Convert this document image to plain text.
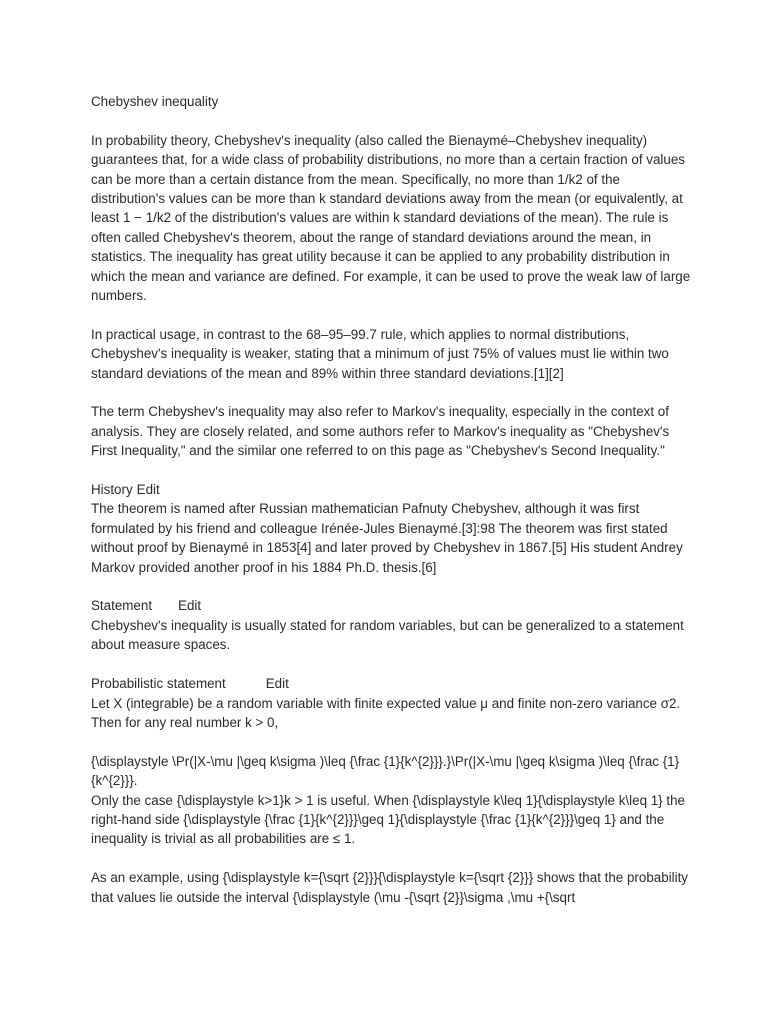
Chebyshev inequality

In probability theory, Chebyshev's inequality (also called the Bienaymé–Chebyshev inequality) guarantees that, for a wide class of probability distributions, no more than a certain fraction of values can be more than a certain distance from the mean. Specifically, no more than 1/k2 of the distribution's values can be more than k standard deviations away from the mean (or equivalently, at least 1 − 1/k2 of the distribution's values are within k standard deviations of the mean). The rule is often called Chebyshev's theorem, about the range of standard deviations around the mean, in statistics. The inequality has great utility because it can be applied to any probability distribution in which the mean and variance are defined. For example, it can be used to prove the weak law of large numbers.

In practical usage, in contrast to the 68–95–99.7 rule, which applies to normal distributions, Chebyshev's inequality is weaker, stating that a minimum of just 75% of values must lie within two standard deviations of the mean and 89% within three standard deviations.[1][2]

The term Chebyshev's inequality may also refer to Markov's inequality, especially in the context of analysis. They are closely related, and some authors refer to Markov's inequality as "Chebyshev's First Inequality," and the similar one referred to on this page as "Chebyshev's Second Inequality."

History Edit

The theorem is named after Russian mathematician Pafnuty Chebyshev, although it was first formulated by his friend and colleague Irénée-Jules Bienaymé.[3]:98 The theorem was first stated without proof by Bienaymé in 1853[4] and later proved by Chebyshev in 1867.[5] His student Andrey Markov provided another proof in his 1884 Ph.D. thesis.[6]

Statement Edit

Chebyshev's inequality is usually stated for random variables, but can be generalized to a statement about measure spaces.

Probabilistic statement	Edit

Let X (integrable) be a random variable with finite expected value μ and finite non-zero variance σ2. Then for any real number k > 0,

{\displaystyle \Pr(|X-\mu |\geq k\sigma )\leq {\frac {1}{k^{2}}}.}\Pr(|X-\mu |\geq k\sigma )\leq {\frac {1}{k^{2}}}.

Only the case {\displaystyle k>1}k > 1 is useful. When {\displaystyle k\leq 1}{\displaystyle k\leq 1} the right-hand side {\displaystyle {\frac {1}{k^{2}}}\geq 1}{\displaystyle {\frac {1}{k^{2}}}\geq 1} and the inequality is trivial as all probabilities are ≤ 1.

As an example, using {\displaystyle k={\sqrt {2}}}{\displaystyle k={\sqrt {2}}} shows that the probability that values lie outside the interval {\displaystyle (\mu -{\sqrt {2}}\sigma ,\mu +{\sqrt
